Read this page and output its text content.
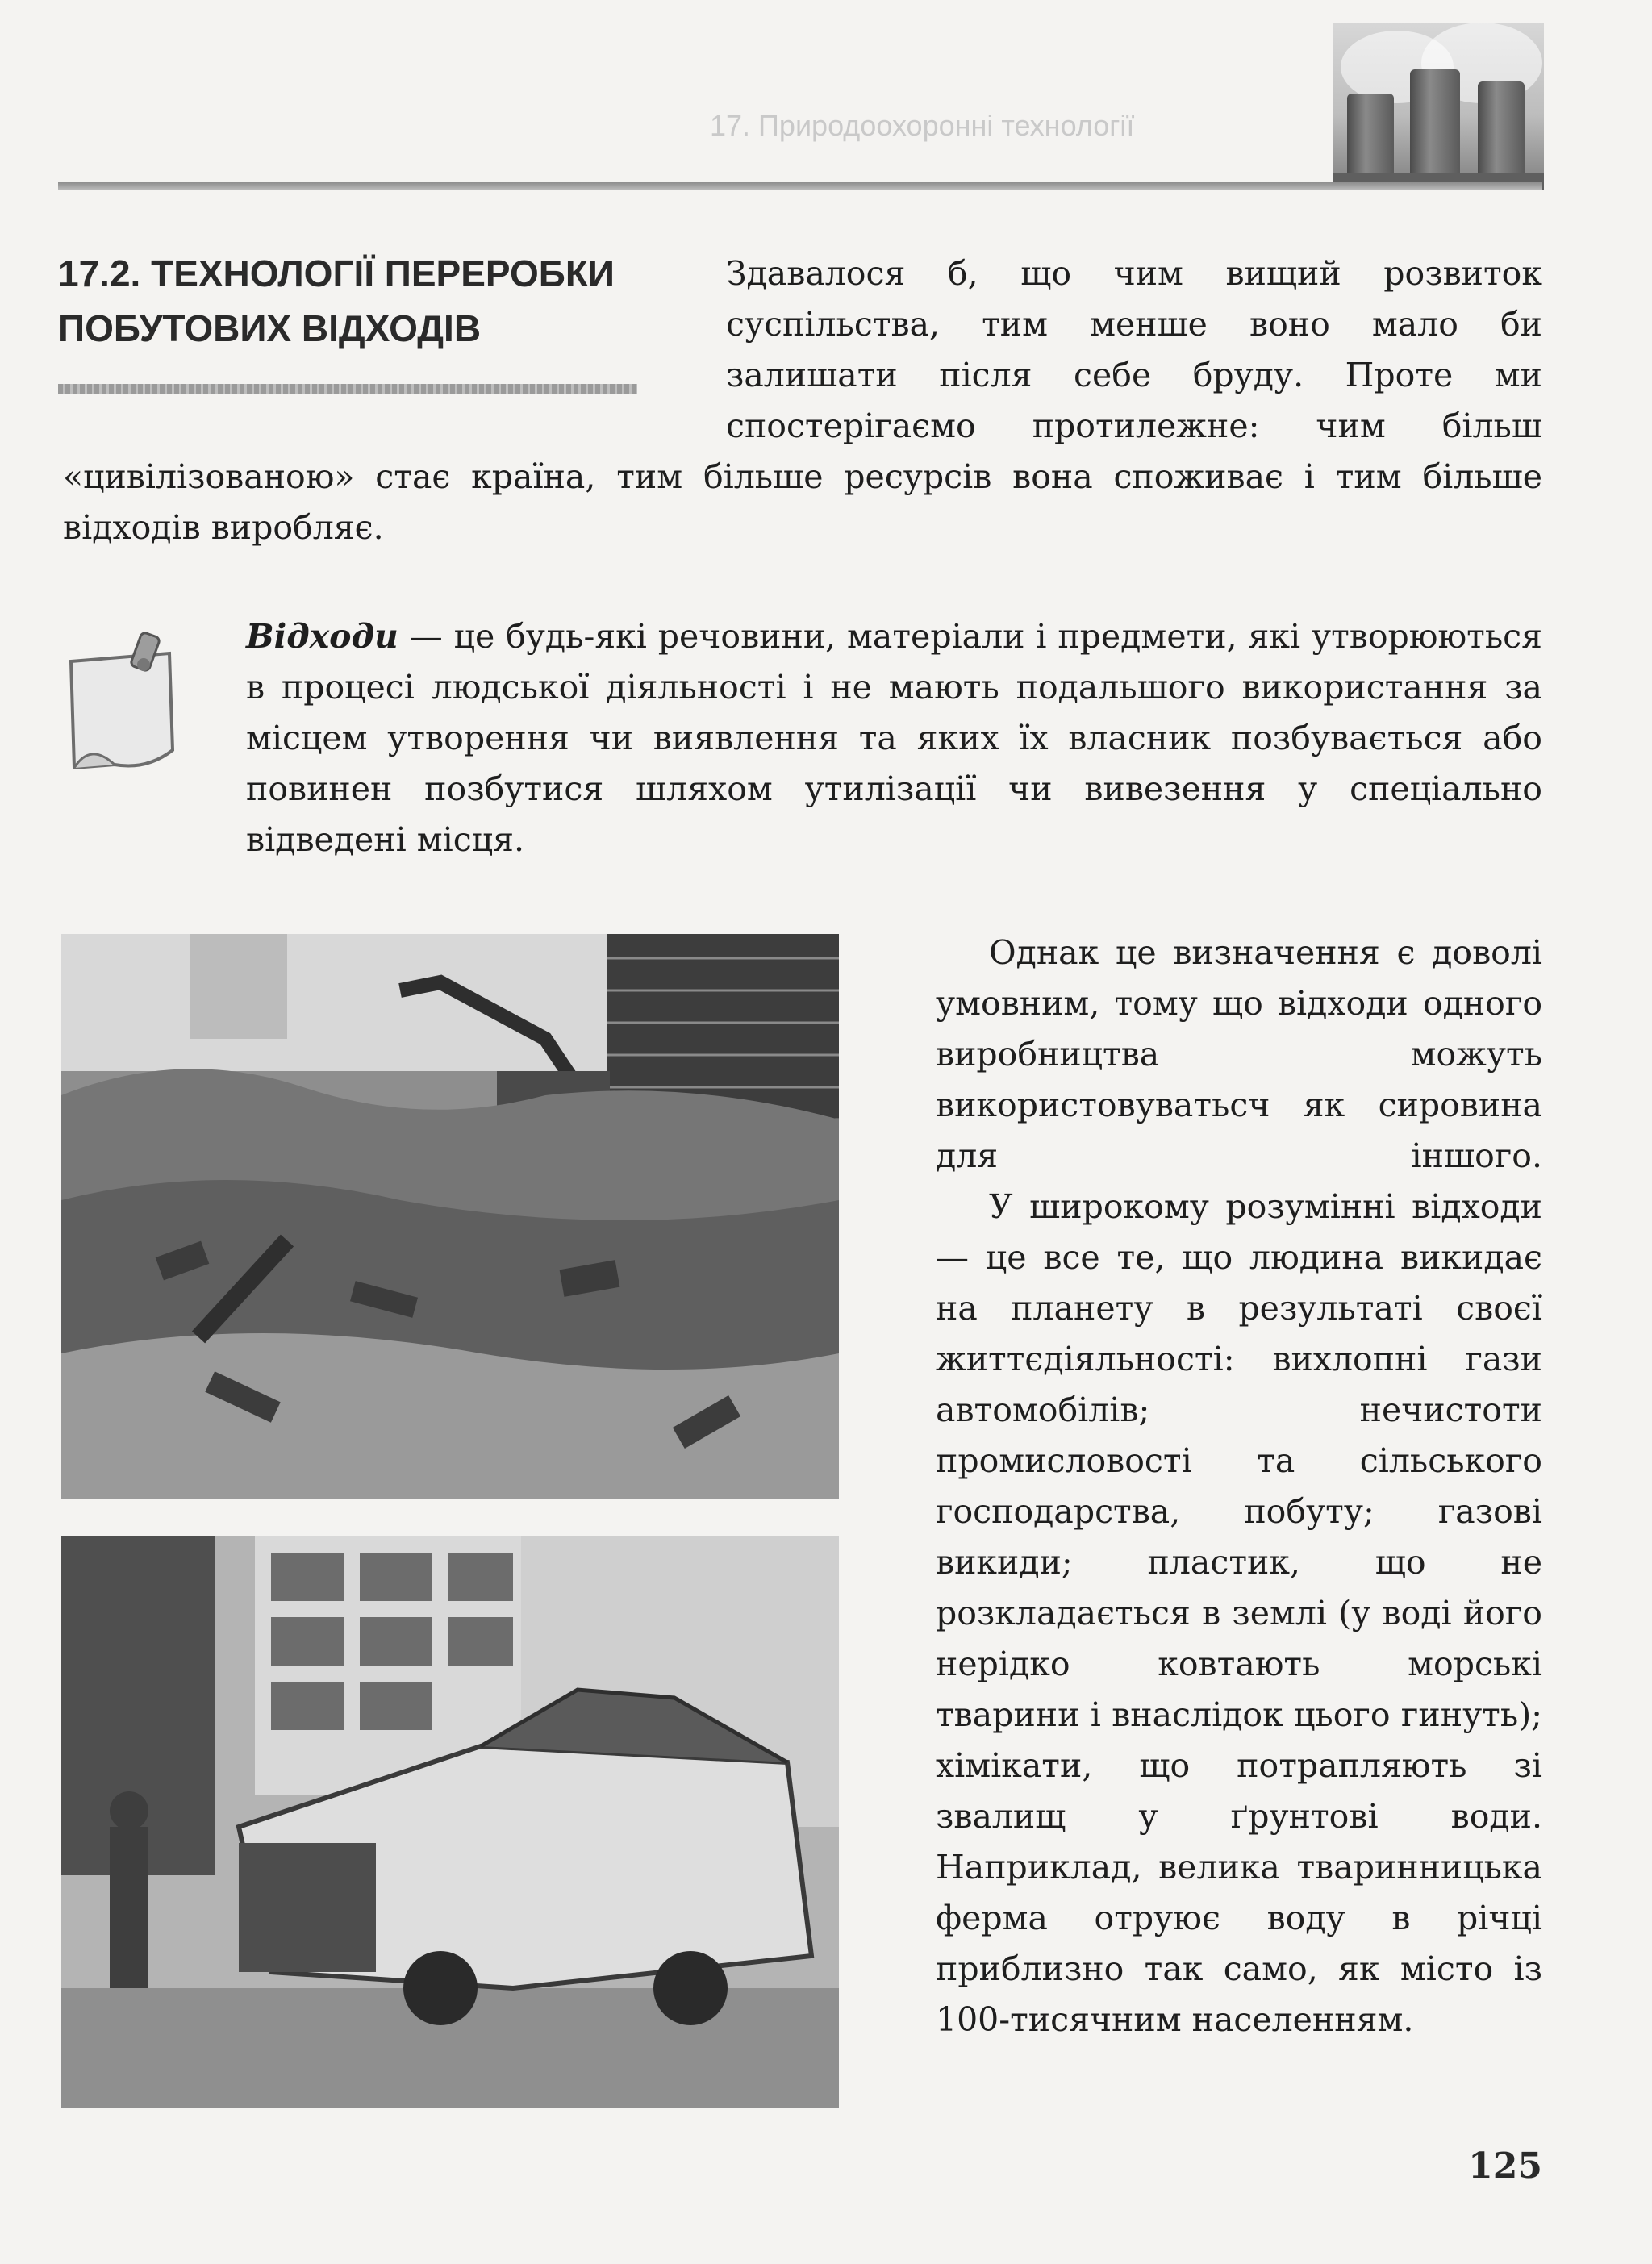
17. Природоохоронні технології
17.2. ТЕХНОЛОГІЇ ПЕРЕРОБКИ ПОБУТОВИХ ВІДХОДІВ
Здавалося б, що чим вищий розвиток суспільства, тим менше воно мало би залишати після себе бруду. Проте ми спостерігаємо протилежне: чим більш
«цивілізованою» стає країна, тим більше ресурсів вона споживає і тим більше відходів виробляє.
Відходи — це будь-які речовини, матеріали і предмети, які утворюються в процесі людської діяльності і не мають подальшого використання за місцем утворення чи виявлення та яких їх власник позбувається або повинен позбутися шляхом утилізації чи вивезення у спеціально відведені місця.
Однак це визначення є доволі умовним, тому що відходи одного виробництва можуть використовуватьсч як сировина для іншого.
У широкому розумінні відходи — це все те, що людина викидає на планету в результаті своєї життєдіяльності: вихлопні гази автомобілів; нечистоти промисловості та сільського господарства, побуту; газові викиди; пластик, що не розкладається в землі (у воді його нерідко ковтають морські тварини і внаслідок цього гинуть); хімікати, що потрапляють зі звалищ у ґрунтові води. Наприклад, велика тваринницька ферма отруює воду в річці приблизно так само, як місто із 100-тисячним населенням.
125
